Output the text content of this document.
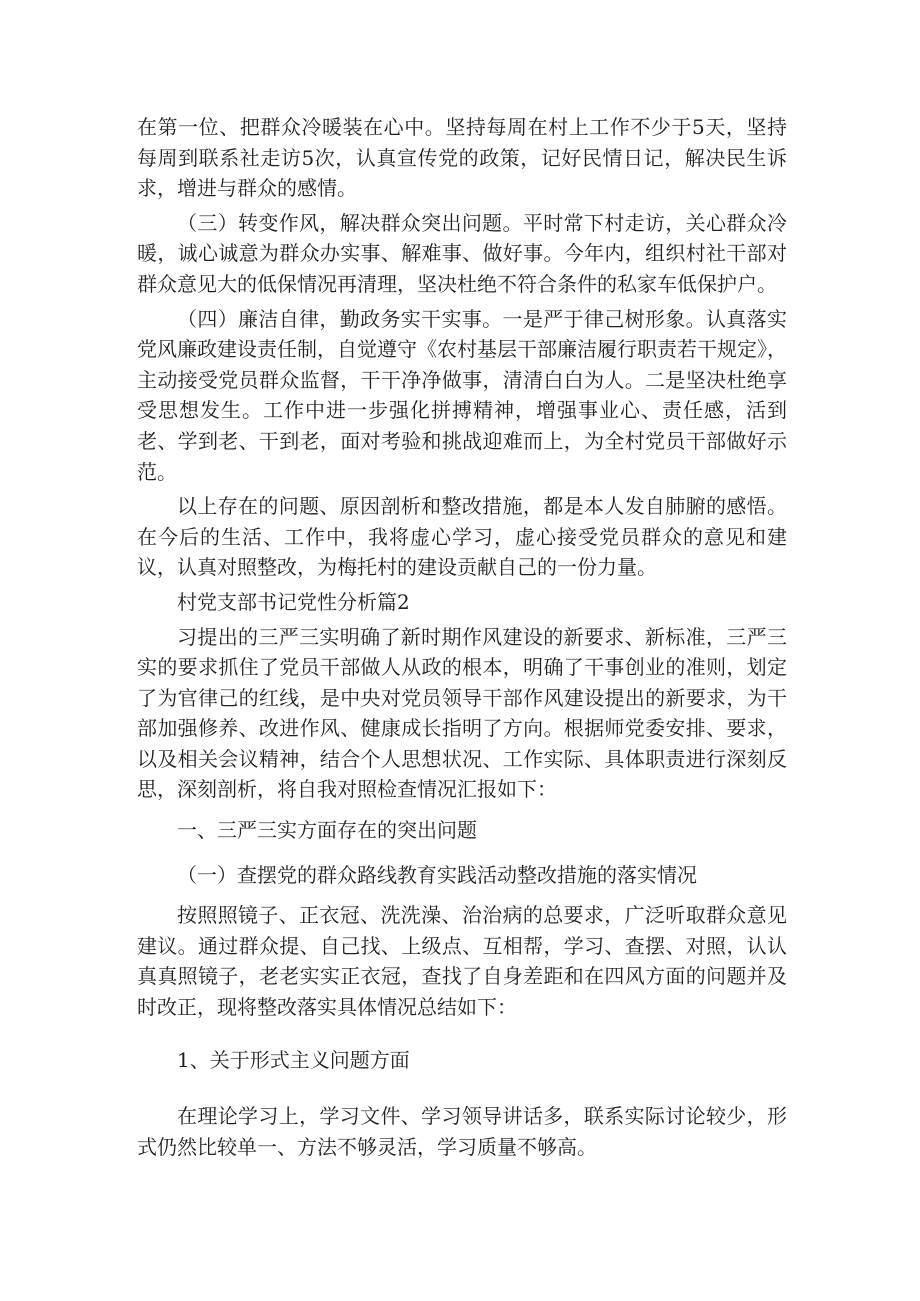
在第一位、把群众冷暖装在心中。坚持每周在村上工作不少于5天，坚持每周到联系社走访5次，认真宣传党的政策，记好民情日记，解决民生诉求，增进与群众的感情。

（三）转变作风，解决群众突出问题。平时常下村走访，关心群众冷暖，诚心诚意为群众办实事、解难事、做好事。今年内，组织村社干部对群众意见大的低保情况再清理，坚决杜绝不符合条件的私家车低保护户。

（四）廉洁自律，勤政务实干实事。一是严于律己树形象。认真落实党风廉政建设责任制，自觉遵守《农村基层干部廉洁履行职责若干规定》，主动接受党员群众监督，干干净净做事，清清白白为人。二是坚决杜绝享受思想发生。工作中进一步强化拼搏精神，增强事业心、责任感，活到老、学到老、干到老，面对考验和挑战迎难而上，为全村党员干部做好示范。

以上存在的问题、原因剖析和整改措施，都是本人发自肺腑的感悟。在今后的生活、工作中，我将虚心学习，虚心接受党员群众的意见和建议，认真对照整改，为梅托村的建设贡献自己的一份力量。

村党支部书记党性分析篇2

习提出的三严三实明确了新时期作风建设的新要求、新标准，三严三实的要求抓住了党员干部做人从政的根本，明确了干事创业的准则，划定了为官律己的红线，是中央对党员领导干部作风建设提出的新要求，为干部加强修养、改进作风、健康成长指明了方向。根据师党委安排、要求，以及相关会议精神，结合个人思想状况、工作实际、具体职责进行深刻反思，深刻剖析，将自我对照检查情况汇报如下：

一、三严三实方面存在的突出问题

（一）查摆党的群众路线教育实践活动整改措施的落实情况

按照照镜子、正衣冠、洗洗澡、治治病的总要求，广泛听取群众意见建议。通过群众提、自己找、上级点、互相帮，学习、查摆、对照，认认真真照镜子，老老实实正衣冠，查找了自身差距和在四风方面的问题并及时改正，现将整改落实具体情况总结如下：

1、关于形式主义问题方面

在理论学习上，学习文件、学习领导讲话多，联系实际讨论较少，形式仍然比较单一、方法不够灵活，学习质量不够高。
